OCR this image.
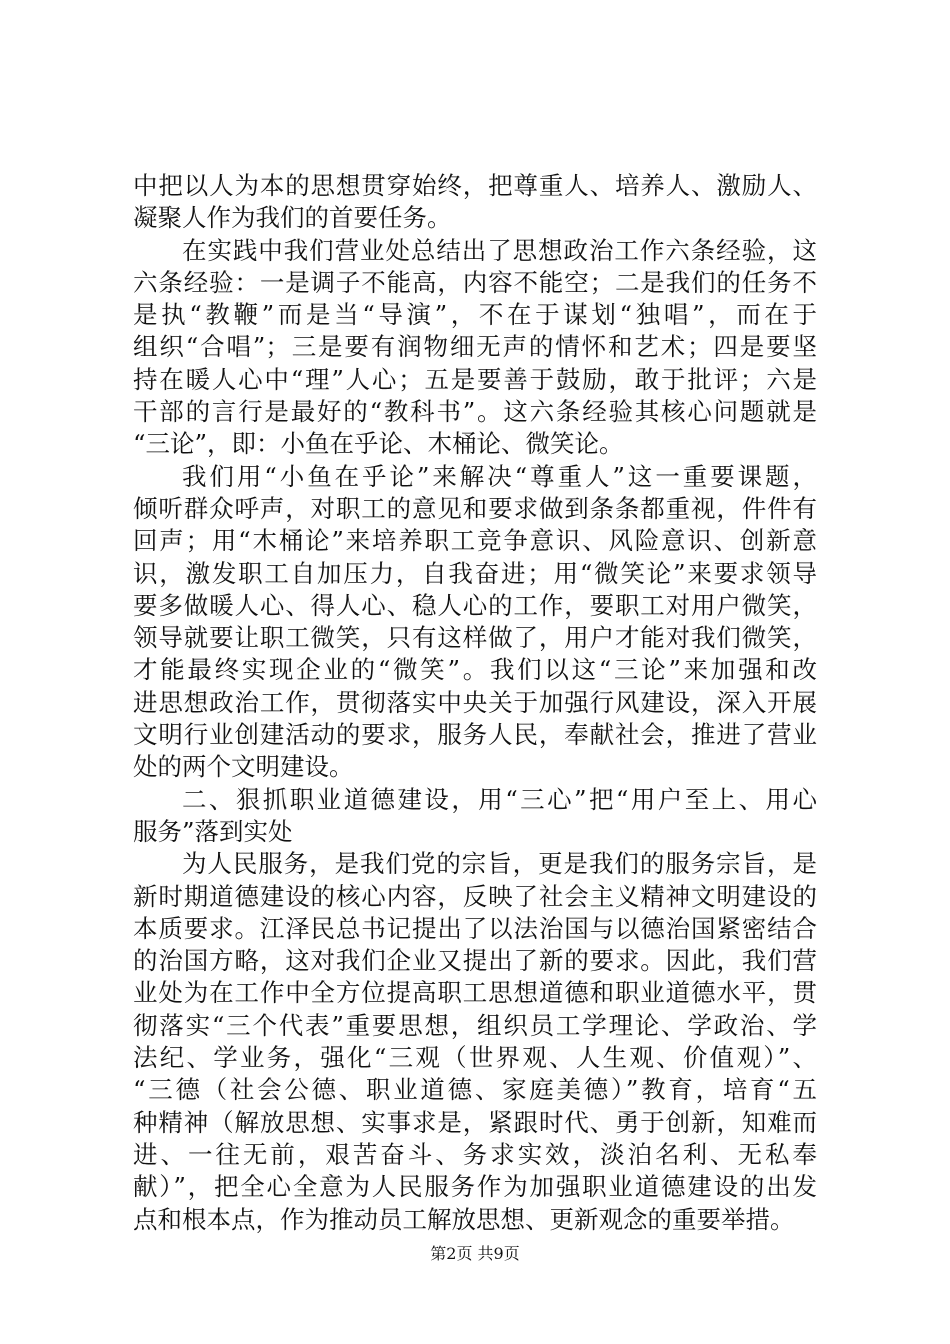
中把以人为本的思想贯穿始终，把尊重人、培养人、激励人、
凝聚人作为我们的首要任务。
在实践中我们营业处总结出了思想政治工作六条经验，这
六条经验：一是调子不能高，内容不能空；二是我们的任务不
是执“教鞭”而是当“导演”，不在于谋划“独唱”，而在于
组织“合唱”；三是要有润物细无声的情怀和艺术；四是要坚
持在暖人心中“理”人心；五是要善于鼓励，敢于批评；六是
干部的言行是最好的“教科书”。这六条经验其核心问题就是
“三论”，即：小鱼在乎论、木桶论、微笑论。
我们用“小鱼在乎论”来解决“尊重人”这一重要课题，
倾听群众呼声，对职工的意见和要求做到条条都重视，件件有
回声；用“木桶论”来培养职工竞争意识、风险意识、创新意
识，激发职工自加压力，自我奋进；用“微笑论”来要求领导
要多做暖人心、得人心、稳人心的工作，要职工对用户微笑，
领导就要让职工微笑，只有这样做了，用户才能对我们微笑，
才能最终实现企业的“微笑”。我们以这“三论”来加强和改
进思想政治工作，贯彻落实中央关于加强行风建设，深入开展
文明行业创建活动的要求，服务人民，奉献社会，推进了营业
处的两个文明建设。
二、狠抓职业道德建设，用“三心”把“用户至上、用心
服务”落到实处
为人民服务，是我们党的宗旨，更是我们的服务宗旨，是
新时期道德建设的核心内容，反映了社会主义精神文明建设的
本质要求。江泽民总书记提出了以法治国与以德治国紧密结合
的治国方略，这对我们企业又提出了新的要求。因此，我们营
业处为在工作中全方位提高职工思想道德和职业道德水平，贯
彻落实“三个代表”重要思想，组织员工学理论、学政治、学
法纪、学业务，强化“三观（世界观、人生观、价值观）”、
“三德（社会公德、职业道德、家庭美德）”教育，培育“五
种精神（解放思想、实事求是，紧跟时代、勇于创新，知难而
进、一往无前，艰苦奋斗、务求实效，淡泊名利、无私奉
献）”，把全心全意为人民服务作为加强职业道德建设的出发
点和根本点，作为推动员工解放思想、更新观念的重要举措。
第2页 共9页
